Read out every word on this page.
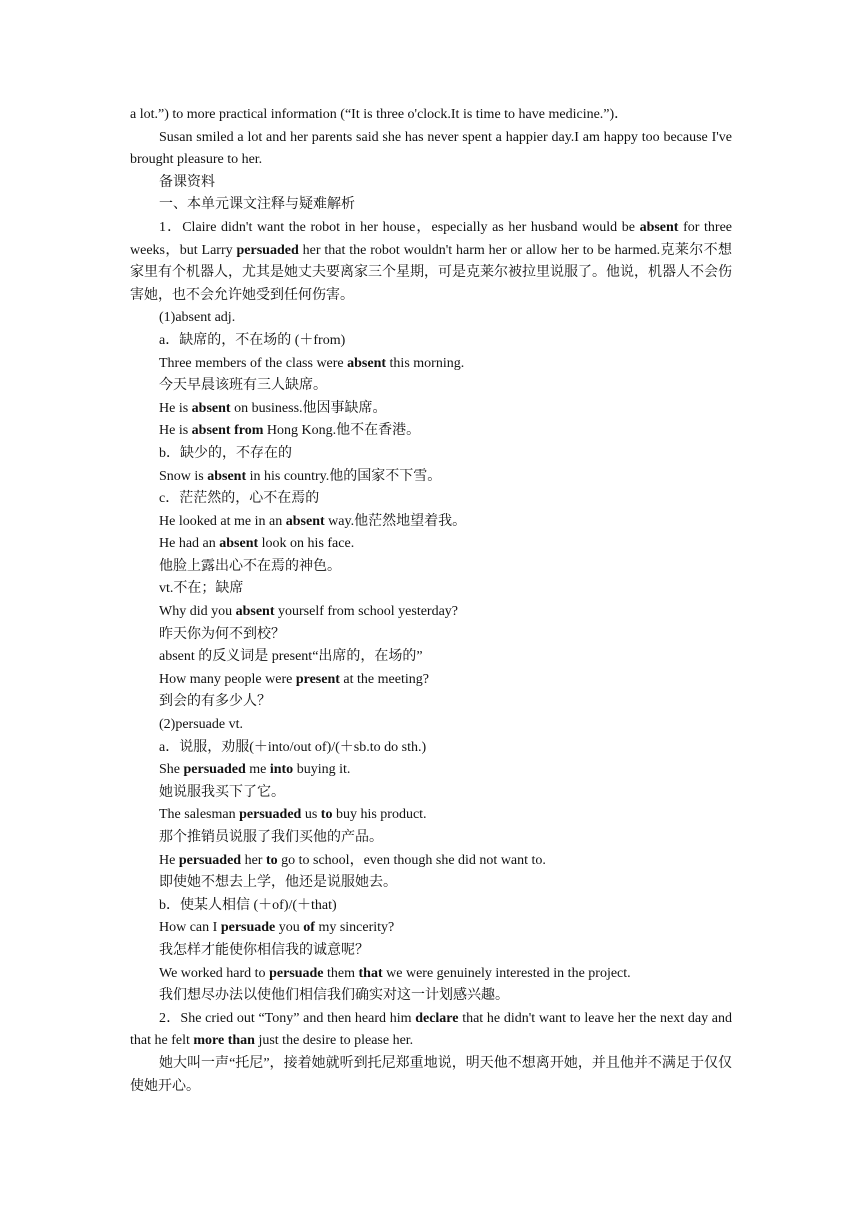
a lot.”) to more practical information (“It is three o'clock.It is time to have medicine.”)．

Susan smiled a lot and her parents said she has never spent a happier day.I am happy too because I've brought pleasure to her.

备课资料

一、本单元课文注释与疑难解析

1．Claire didn't want the robot in her house，especially as her husband would be absent for three weeks，but Larry persuaded her that the robot wouldn't harm her or allow her to be harmed.克莱尔不想家里有个机器人，尤其是她丈夫要离家三个星期，可是克莱尔被拉里说服了。他说，机器人不会伤害她，也不会允许她受到任何伤害。

(1)absent adj.

a．缺席的，不在场的 (＋from)

Three members of the class were absent this morning.

今天早晨该班有三人缺席。

He is absent on business.他因事缺席。

He is absent from Hong Kong.他不在香港。

b．缺少的，不存在的

Snow is absent in his country.他的国家不下雪。

c．茫茫然的，心不在焉的

He looked at me in an absent way.他茫然地望着我。

He had an absent look on his face.

他脸上露出心不在焉的神色。

vt.不在；缺席

Why did you absent yourself from school yesterday?

昨天你为何不到校？

absent 的反义词是 present“出席的，在场的”

How many people were present at the meeting?

到会的有多少人？

(2)persuade vt.

a．说服，劝服(＋into/out of)/(＋sb.to do sth.)

She persuaded me into buying it.

她说服我买下了它。

The salesman persuaded us to buy his product.

那个推销员说服了我们买他的产品。

He persuaded her to go to school，even though she did not want to.

即使她不想去上学，他还是说服她去。

b．使某人相信 (＋of)/(＋that)

How can I persuade you of my sincerity?

我怎样才能使你相信我的诚意呢？

We worked hard to persuade them that we were genuinely interested in the project.

我们想尽办法以使他们相信我们确实对这一计划感兴趣。

2．She cried out “Tony” and then heard him declare that he didn't want to leave her the next day and that he felt more than just the desire to please her.

她大叫一声“托尼”，接着她就听到托尼郑重地说，明天他不想离开她，并且他并不满足于仅仅使她开心。
